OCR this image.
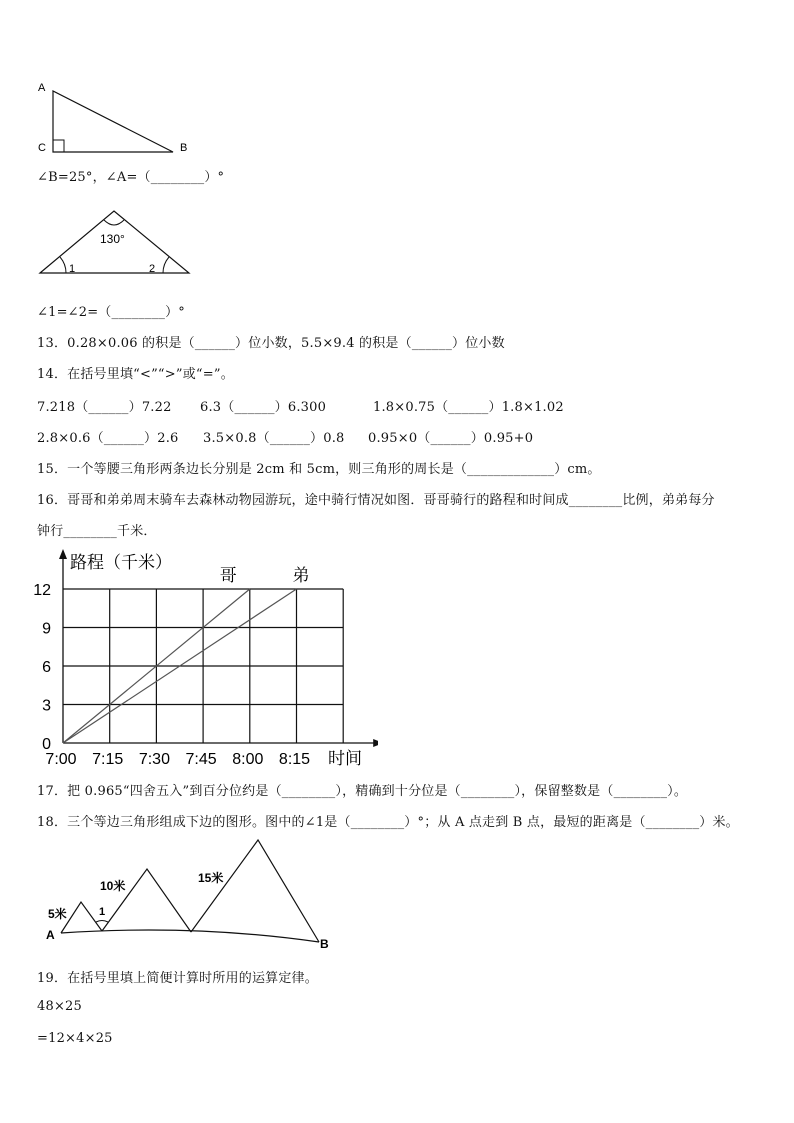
A
C	B
∠B=25°，∠A=（________）°
130°
1	2
∠1=∠2=（________）°
13．0.28×0.06 的积是（______）位小数，5.5×9.4 的积是（______）位小数
14．在括号里填“<”“>”或“=”。
7.218（______）7.22 6.3（______）6.300	1.8×0.75（______）1.8×1.02
2.8×0.6（______）2.6 3.5×0.8（______）0.8 0.95×0（______）0.95+0
15．一个等腰三角形两条边长分别是 2cm 和 5cm，则三角形的周长是（_____________）cm。
16．哥哥和弟弟周末骑车去森林动物园游玩，途中骑行情况如图．哥哥骑行的路程和时间成________比例，弟弟每分
钟行________千米．
路程（千米）
时间
0
3
6
9
12
7:00 7:15 7:30 7:45 8:00 8:15
哥	弟
17．把 0.965“四舍五入”到百分位约是（________），精确到十分位是（________），保留整数是（________）。
18．三个等边三角形组成下边的图形。图中的∠1是（________）°；从 A 点走到 B 点，最短的距离是（________）米。
A
B
5米
10米
15米
1
19．在括号里填上简便计算时所用的运算定律。
48×25
=12×4×25
